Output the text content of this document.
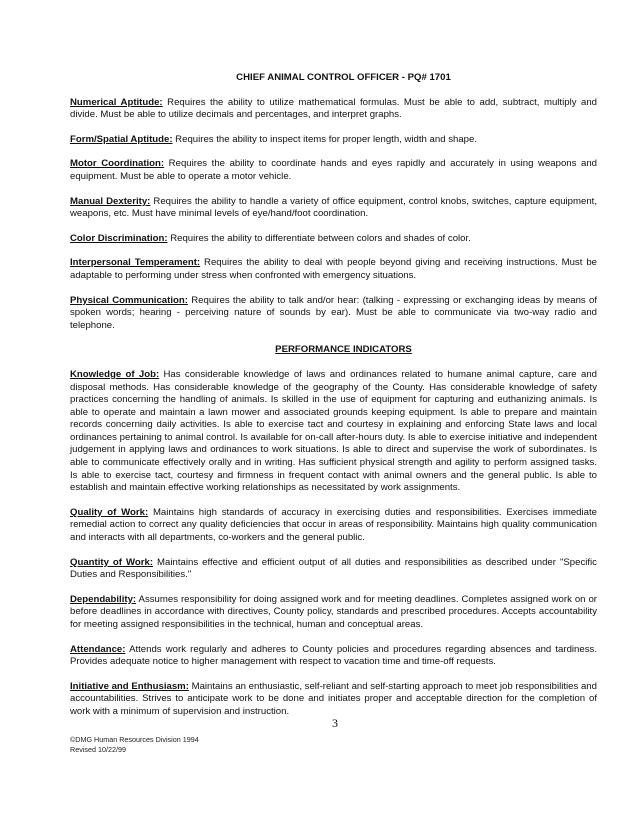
CHIEF ANIMAL CONTROL OFFICER - PQ# 1701

Numerical Aptitude: Requires the ability to utilize mathematical formulas. Must be able to add, subtract, multiply and divide. Must be able to utilize decimals and percentages, and interpret graphs.

Form/Spatial Aptitude: Requires the ability to inspect items for proper length, width and shape.

Motor Coordination: Requires the ability to coordinate hands and eyes rapidly and accurately in using weapons and equipment. Must be able to operate a motor vehicle.

Manual Dexterity: Requires the ability to handle a variety of office equipment, control knobs, switches, capture equipment, weapons, etc. Must have minimal levels of eye/hand/foot coordination.

Color Discrimination: Requires the ability to differentiate between colors and shades of color.

Interpersonal Temperament: Requires the ability to deal with people beyond giving and receiving instructions. Must be adaptable to performing under stress when confronted with emergency situations.

Physical Communication: Requires the ability to talk and/or hear: (talking - expressing or exchanging ideas by means of spoken words; hearing - perceiving nature of sounds by ear). Must be able to communicate via two-way radio and telephone.

PERFORMANCE INDICATORS

Knowledge of Job: Has considerable knowledge of laws and ordinances related to humane animal capture, care and disposal methods. Has considerable knowledge of the geography of the County. Has considerable knowledge of safety practices concerning the handling of animals. Is skilled in the use of equipment for capturing and euthanizing animals. Is able to operate and maintain a lawn mower and associated grounds keeping equipment. Is able to prepare and maintain records concerning daily activities. Is able to exercise tact and courtesy in explaining and enforcing State laws and local ordinances pertaining to animal control. Is available for on-call after-hours duty. Is able to exercise initiative and independent judgement in applying laws and ordinances to work situations. Is able to direct and supervise the work of subordinates. Is able to communicate effectively orally and in writing. Has sufficient physical strength and agility to perform assigned tasks. Is able to exercise tact, courtesy and firmness in frequent contact with animal owners and the general public. Is able to establish and maintain effective working relationships as necessitated by work assignments.

Quality of Work: Maintains high standards of accuracy in exercising duties and responsibilities. Exercises immediate remedial action to correct any quality deficiencies that occur in areas of responsibility. Maintains high quality communication and interacts with all departments, co-workers and the general public.

Quantity of Work: Maintains effective and efficient output of all duties and responsibilities as described under "Specific Duties and Responsibilities."

Dependability: Assumes responsibility for doing assigned work and for meeting deadlines. Completes assigned work on or before deadlines in accordance with directives, County policy, standards and prescribed procedures. Accepts accountability for meeting assigned responsibilities in the technical, human and conceptual areas.

Attendance: Attends work regularly and adheres to County policies and procedures regarding absences and tardiness. Provides adequate notice to higher management with respect to vacation time and time-off requests.

Initiative and Enthusiasm: Maintains an enthusiastic, self-reliant and self-starting approach to meet job responsibilities and accountabilities. Strives to anticipate work to be done and initiates proper and acceptable direction for the completion of work with a minimum of supervision and instruction.

3
©DMG Human Resources Division 1994
Revised 10/22/99
